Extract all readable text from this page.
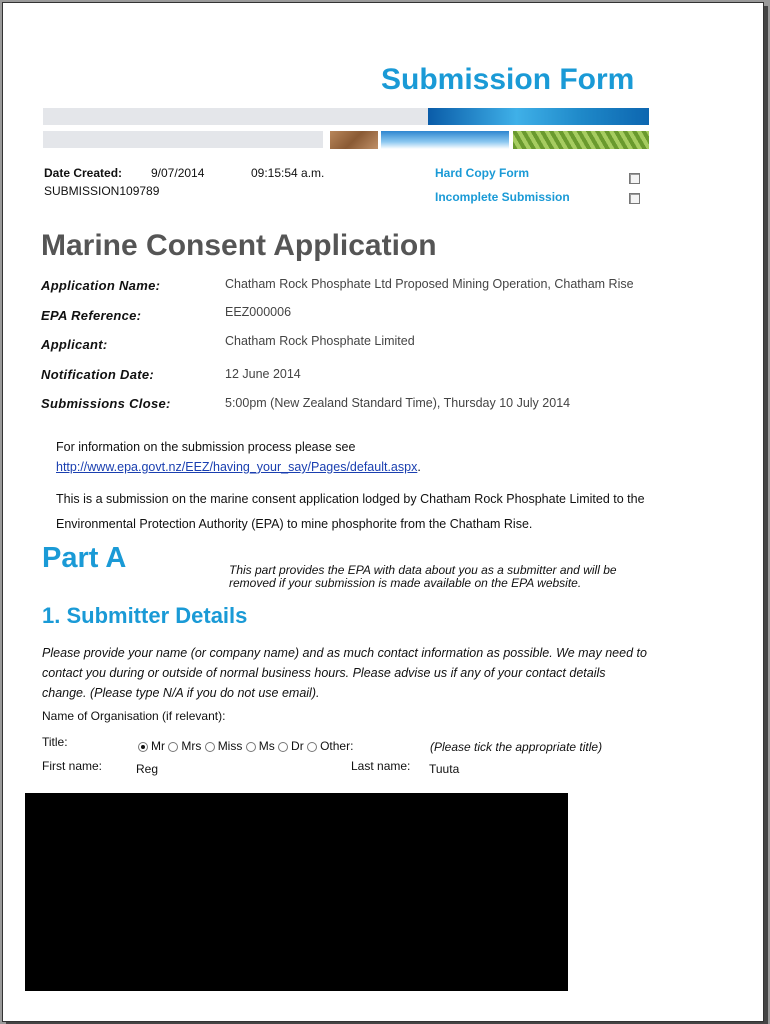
Submission Form
Date Created: 9/07/2014	09:15:54 a.m.
SUBMISSION109789
Hard Copy Form
Incomplete Submission
Marine Consent Application
Application Name:	Chatham Rock Phosphate Ltd Proposed Mining Operation, Chatham Rise
EPA Reference:	EEZ000006
Applicant:	Chatham Rock Phosphate Limited
Notification Date:	12 June 2014
Submissions Close:	5:00pm (New Zealand Standard Time), Thursday 10 July 2014
For information on the submission process please see
http://www.epa.govt.nz/EEZ/having_your_say/Pages/default.aspx.
This is a submission on the marine consent application lodged by Chatham Rock Phosphate Limited to the
Environmental Protection Authority (EPA) to mine phosphorite from the Chatham Rise.
Part A	This part provides the EPA with data about you as a submitter and will be removed if your submission is made available on the EPA website.
1. Submitter Details
Please provide your name (or company name) and as much contact information as possible. We may need to contact you during or outside of normal business hours. Please advise us if any of your contact details change. (Please type N/A if you do not use email).
Name of Organisation (if relevant):
Title:	Mr Mrs Miss Ms Dr Other:	(Please tick the appropriate title)
First name:	Reg	Last name: Tuuta
